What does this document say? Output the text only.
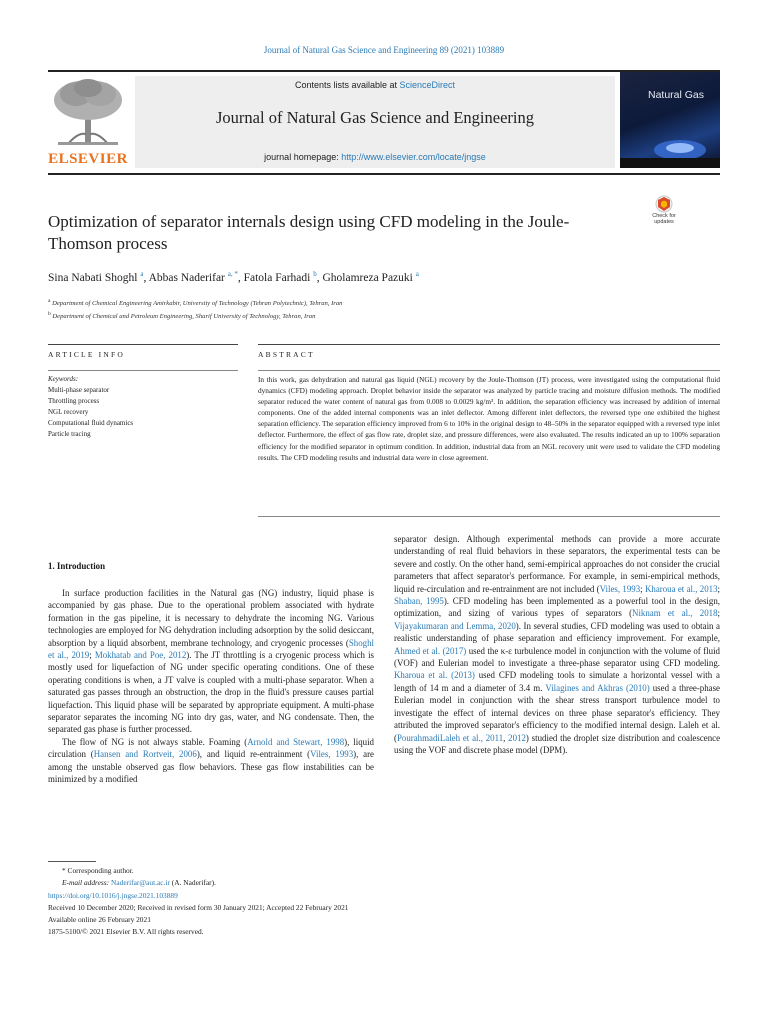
Journal of Natural Gas Science and Engineering 89 (2021) 103889
ELSEVIER
Contents lists available at ScienceDirect
Journal of Natural Gas Science and Engineering
journal homepage: http://www.elsevier.com/locate/jngse
Natural Gas
Optimization of separator internals design using CFD modeling in the Joule-Thomson process
Check for updates
Sina Nabati Shoghl $^a$, Abbas Naderifar $^{a, *}$, Fatola Farhadi $^b$, Gholamreza Pazuki $^a$
$^a$ Department of Chemical Engineering Amirkabir, University of Technology (Tehran Polytechnic), Tehran, Iran
$^b$ Department of Chemical and Petroleum Engineering, Sharif University of Technology, Tehran, Iran
ARTICLE INFO
Keywords:
Multi-phase separator
Throttling process
NGL recovery
Computational fluid dynamics
Particle tracing
ABSTRACT
In this work, gas dehydration and natural gas liquid (NGL) recovery by the Joule-Thomson (JT) process, were investigated using the computational fluid dynamics (CFD) modeling approach. Droplet behavior inside the separator was analyzed by particle tracing and moisture diffusion methods. The modified separator reduced the water content of natural gas from 0.008 to 0.0029 kg/m³. In addition, the separation efficiency was increased by addition of internal components. One of the added internal components was an inlet deflector. Among different inlet deflectors, the reversed type one exhibited the highest separation efficiency. The separation efficiency improved from 6 to 10% in the original design to 48–50% in the separator equipped with a reversed type inlet deflector. Furthermore, the effect of gas flow rate, droplet size, and pressure differences, were also evaluated. The results indicated an up to 100% separation efficiency for the modified separator in optimum condition. In addition, industrial data from an NGL recovery unit were used to validate the CFD modeling results. The CFD modeling results and industrial data were in close agreement.
1. Introduction

In surface production facilities in the Natural gas (NG) industry, liquid phase is accompanied by gas phase. Due to the operational problem associated with hydrate formation in the gas pipeline, it is necessary to dehydrate the incoming NG. Various technologies are employed for NG dehydration including adsorption by the solid desiccant, absorption by a liquid absorbent, membrane technology, and cryogenic processes (Shoghl et al., 2019; Mokhatab and Poe, 2012). The JT throttling is a cryogenic process which is mostly used for liquefaction of NG under specific operating conditions. One of these operating conditions is when, a JT valve is coupled with a multi-phase separator. When a saturated gas passes through an obstruction, the drop in the fluid's pressure causes partial liquefaction. This liquid phase will be separated by appropriate equipment. A multi-phase separator separates the incoming NG into dry gas, water, and NG condensate. Then, the separated gas phase is further processed.

The flow of NG is not always stable. Foaming (Arnold and Stewart, 1998), liquid circulation (Hansen and Rortveit, 2006), and liquid re-entrainment (Viles, 1993), are among the unstable observed gas flow behaviors. These gas flow instabilities can be minimized by a modified

separator design. Although experimental methods can provide a more accurate understanding of real fluid behaviors in these separators, the experimental tests can be severe and costly. On the other hand, semi-empirical approaches do not consider the crucial parameters that affect separator's performance. For example, in semi-empirical methods, liquid re-circulation and re-entrainment are not included (Viles, 1993; Kharoua et al., 2013; Shaban, 1995). CFD modeling has been implemented as a powerful tool in the design, optimization, and sizing of various types of separators (Niknam et al., 2018; Vijayakumaran and Lemma, 2020). In several studies, CFD modeling was used to obtain a realistic understanding of phase separation and efficiency improvement. For example, Ahmed et al. (2017) used the κ-ε turbulence model in conjunction with the volume of fluid (VOF) and Eulerian model to investigate a three-phase separator using CFD modeling. Kharoua et al. (2013) used CFD modeling tools to simulate a horizontal vessel with a length of 14 m and a diameter of 3.4 m. Vilagines and Akhras (2010) used a three-phase Eulerian model in conjunction with the shear stress transport turbulence model to investigate the effect of internal devices on three phase separator's efficiency. They attributed the improved separator's efficiency to the modified internal design. Laleh et al. (PourahmadiLaleh et al., 2011, 2012) studied the droplet size distribution and coalescence using the VOF and discrete phase model (DPM).

* Corresponding author.
E-mail address: Naderifar@aut.ac.ir (A. Naderifar).
https://doi.org/10.1016/j.jngse.2021.103889
Received 10 December 2020; Received in revised form 30 January 2021; Accepted 22 February 2021
Available online 26 February 2021
1875-5100/© 2021 Elsevier B.V. All rights reserved.
